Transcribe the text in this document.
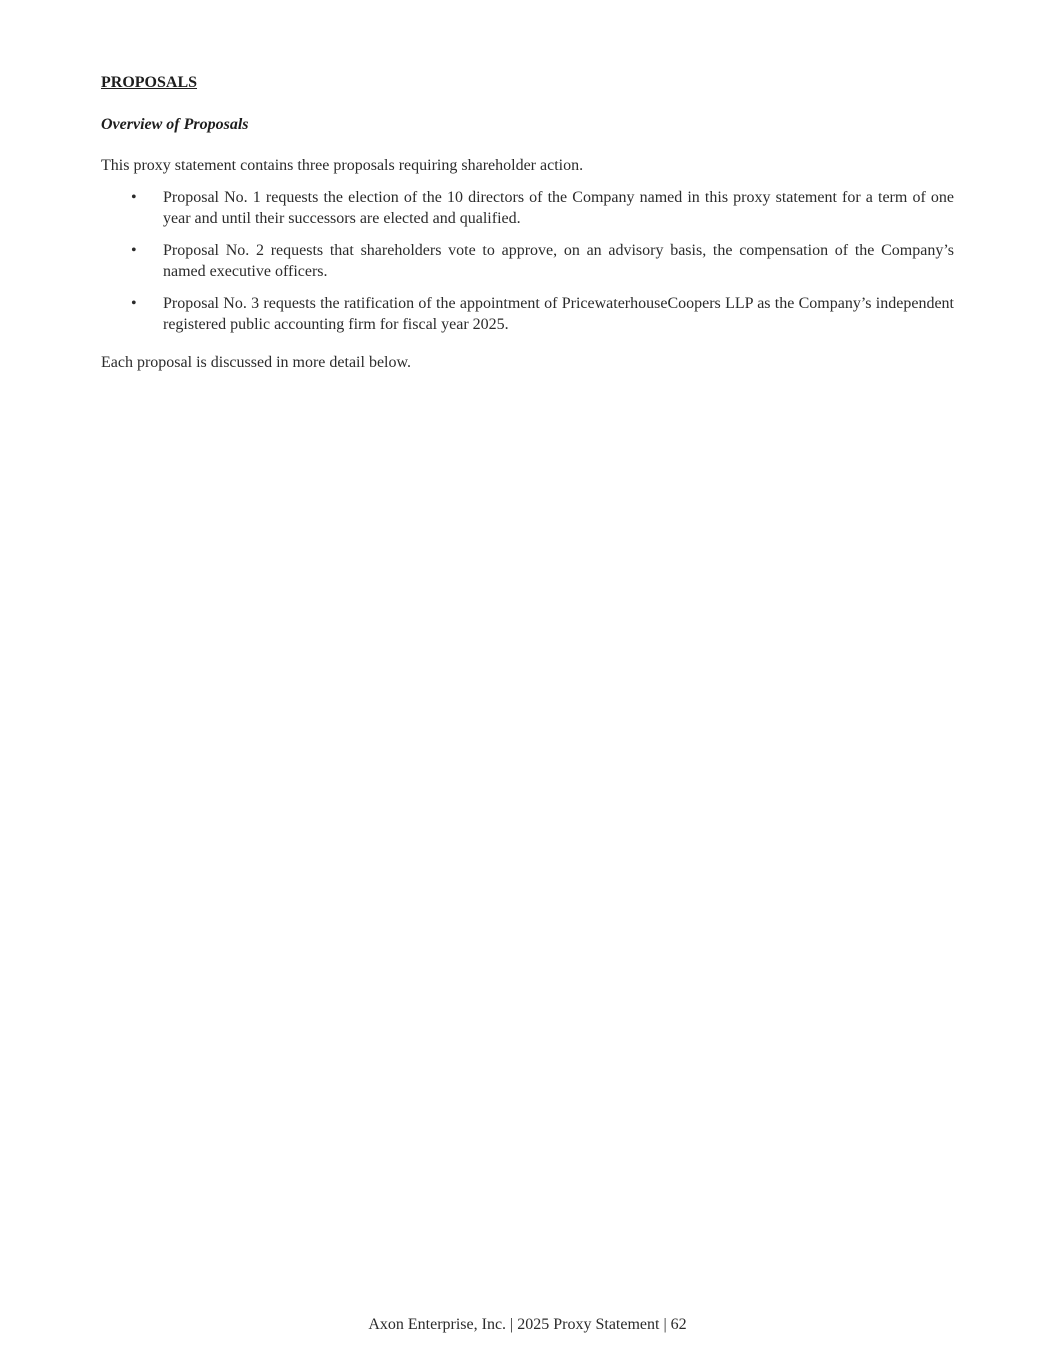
PROPOSALS
Overview of Proposals

This proxy statement contains three proposals requiring shareholder action.

• Proposal No. 1 requests the election of the 10 directors of the Company named in this proxy statement for a term of one year and until their successors are elected and qualified.
• Proposal No. 2 requests that shareholders vote to approve, on an advisory basis, the compensation of the Company’s named executive officers.
• Proposal No. 3 requests the ratification of the appointment of PricewaterhouseCoopers LLP as the Company’s independent registered public accounting firm for fiscal year 2025.

Each proposal is discussed in more detail below.

Axon Enterprise, Inc. | 2025 Proxy Statement | 62
